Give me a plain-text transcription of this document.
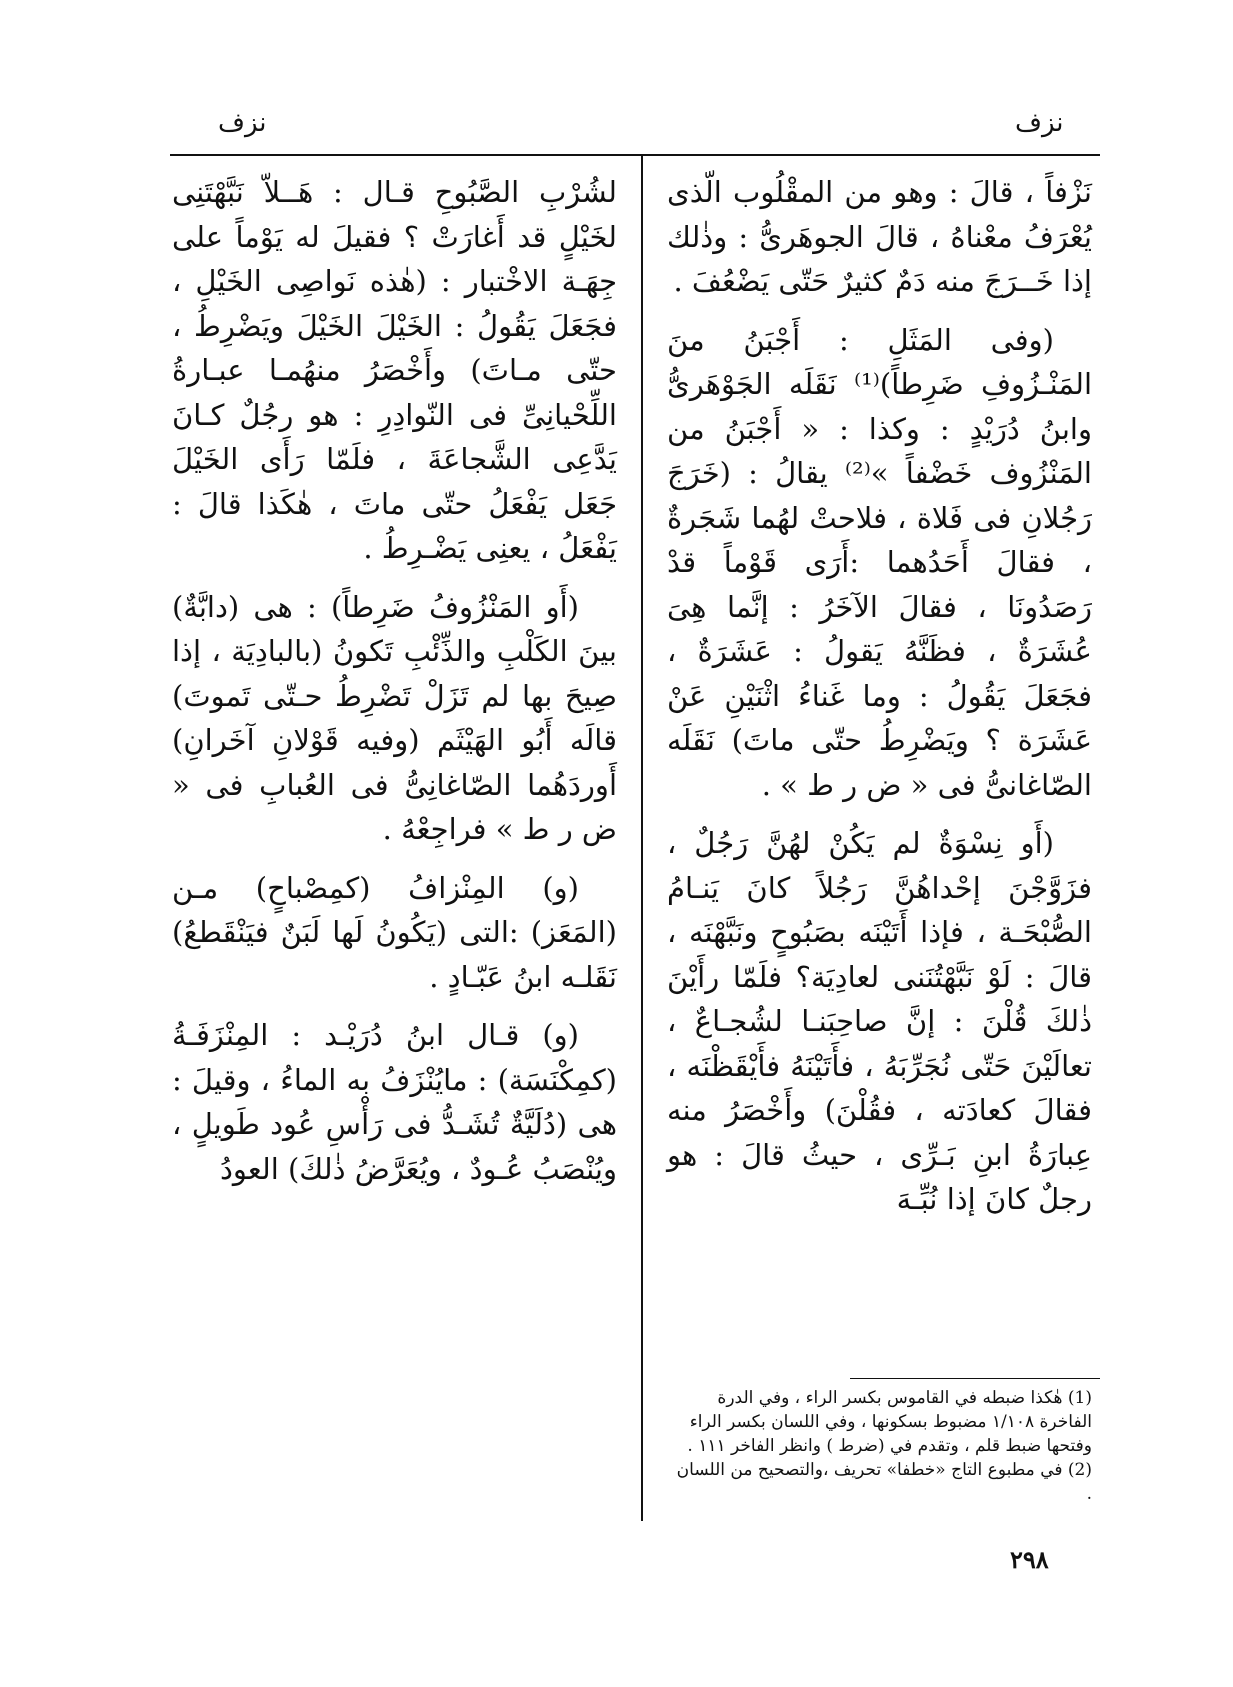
نزف	نزف

نَزْفاً ، قالَ : وهو من المقْلُوب الّذى يُعْرَفُ معْناهُ ، قالَ الجوهَرىُّ : وذٰلك إذا خَــرَجَ منه دَمٌ كثيرٌ حَتّى يَضْعُفَ .

(وفى المَثَلِ : أَجْبَنُ منَ المَنْـزُوفِ ضَرِطاً)⁽¹⁾ نَقَلَه الجَوْهَرىُّ وابنُ دُرَيْدٍ : وكذا : « أَجْبَنُ من المَنْزُوف خَضْفاً »⁽²⁾ يقالُ : (خَرَجَ رَجُلانِ فى فَلاة ، فلاحتْ لهُما شَجَرةٌ ، فقالَ أَحَدُهما :أَرَى قَوْماً قدْ رَصَدُونَا ، فقالَ الآخَرُ : إنَّما هِىَ عُشَرَةٌ ، فظَنَّهُ يَقولُ : عَشَرَةٌ ، فجَعَلَ يَقُولُ : وما غَناءُ اثْنَيْنِ عَنْ عَشَرَة ؟ ويَضْرِطُ حتّى ماتَ) نَقَلَه الصّاغانىُّ فى « ض ر ط » .

(أَو نِسْوَةٌ لم يَكُنْ لهُنَّ رَجُلٌ ، فزَوَّجْنَ إحْداهُنَّ رَجُلاً كانَ يَنـامُ الصُّبْحَـة ، فإذا أَتَيْنَه بصَبُوحٍ ونَبَّهْنَه ، قالَ : لَوْ نَبَّهْتُنَنى لعادِيَة؟ فلَمّا رأَيْنَ ذٰلكَ قُلْنَ : إنَّ صاحِبَنـا لشُجـاعٌ ، تعالَيْنَ حَتّى نُجَرِّبَهُ ، فأَتَيْنَهُ فأَيْقَظْنَه ، فقالَ كعادَته ، فقُلْنَ) وأَخْصَرُ منه عِبارَةُ ابنِ بَـرِّى ، حيثُ قالَ : هو رجلٌ كانَ إذا نُبِّـهَ

لشُرْبِ الصَّبُوحِ قـال : هَــلاّ نَبَّهْتَنِى لخَيْلٍ قد أَغارَتْ ؟ فقيلَ له يَوْماً على جِهَـة الاخْتبار : (هٰذه نَواصِى الخَيْلِ ، فجَعَلَ يَقُولُ : الخَيْلَ الخَيْلَ ويَضْرِطُ ، حتّى مـاتَ) وأَخْصَرُ منهُمـا عبـارةُ اللِّحْيانِىِّ فى النّوادِرِ : هو رجُلٌ كـانَ يَدَّعِى الشَّجاعَةَ ، فلَمّا رَأَى الخَيْلَ جَعَل يَفْعَلُ حتّى ماتَ ، هٰكَذا قالَ : يَفْعَلُ ، يعنِى يَضْـرِطُ .

(أَو المَنْزُوفُ ضَرِطاً) : هى (دابَّةٌ) بينَ الكَلْبِ والذِّئْبِ تَكونُ (بالبادِيَة ، إذا صِيحَ بها لم تَزَلْ تَضْرِطُ حـتّى تَموتَ) قالَه أَبُو الهَيْثَم (وفيه قَوْلانِ آخَرانِ) أَوردَهُما الصّاغانِىُّ فى العُبابِ فى « ض ر ط » فراجِعْهُ .

(و) المِنْزافُ (كمِصْباحٍ) مـن (المَعَز) :التى (يَكُونُ لَها لَبَنٌ فيَنْقَطعُ) نَقَلـه ابنُ عَبّـادٍ .

(و) قـال ابنُ دُرَيْـد : المِنْزَفَـةُ (كمِكْنَسَة) : مايُنْزَفُ به الماءُ ، وقيلَ : هى (دُلَيَّةٌ تُشَـدُّ فى رَأْسِ عُود طَويلٍ ، ويُنْصَبُ عُـودٌ ، ويُعَرَّضُ ذٰلكَ) العودُ

(1) هٰكذا ضبطه في القاموس بكسر الراء ، وفي الدرة الفاخرة ١/١٠٨ مضبوط بسكونها ، وفي اللسان بكسر الراء وفتحها ضبط قلم ، وتقدم في (ضرط ) وانظر الفاخر ١١١ .

(2) في مطبوع التاج «خطفا» تحريف ،والتصحيح من اللسان .

٢٩٨
